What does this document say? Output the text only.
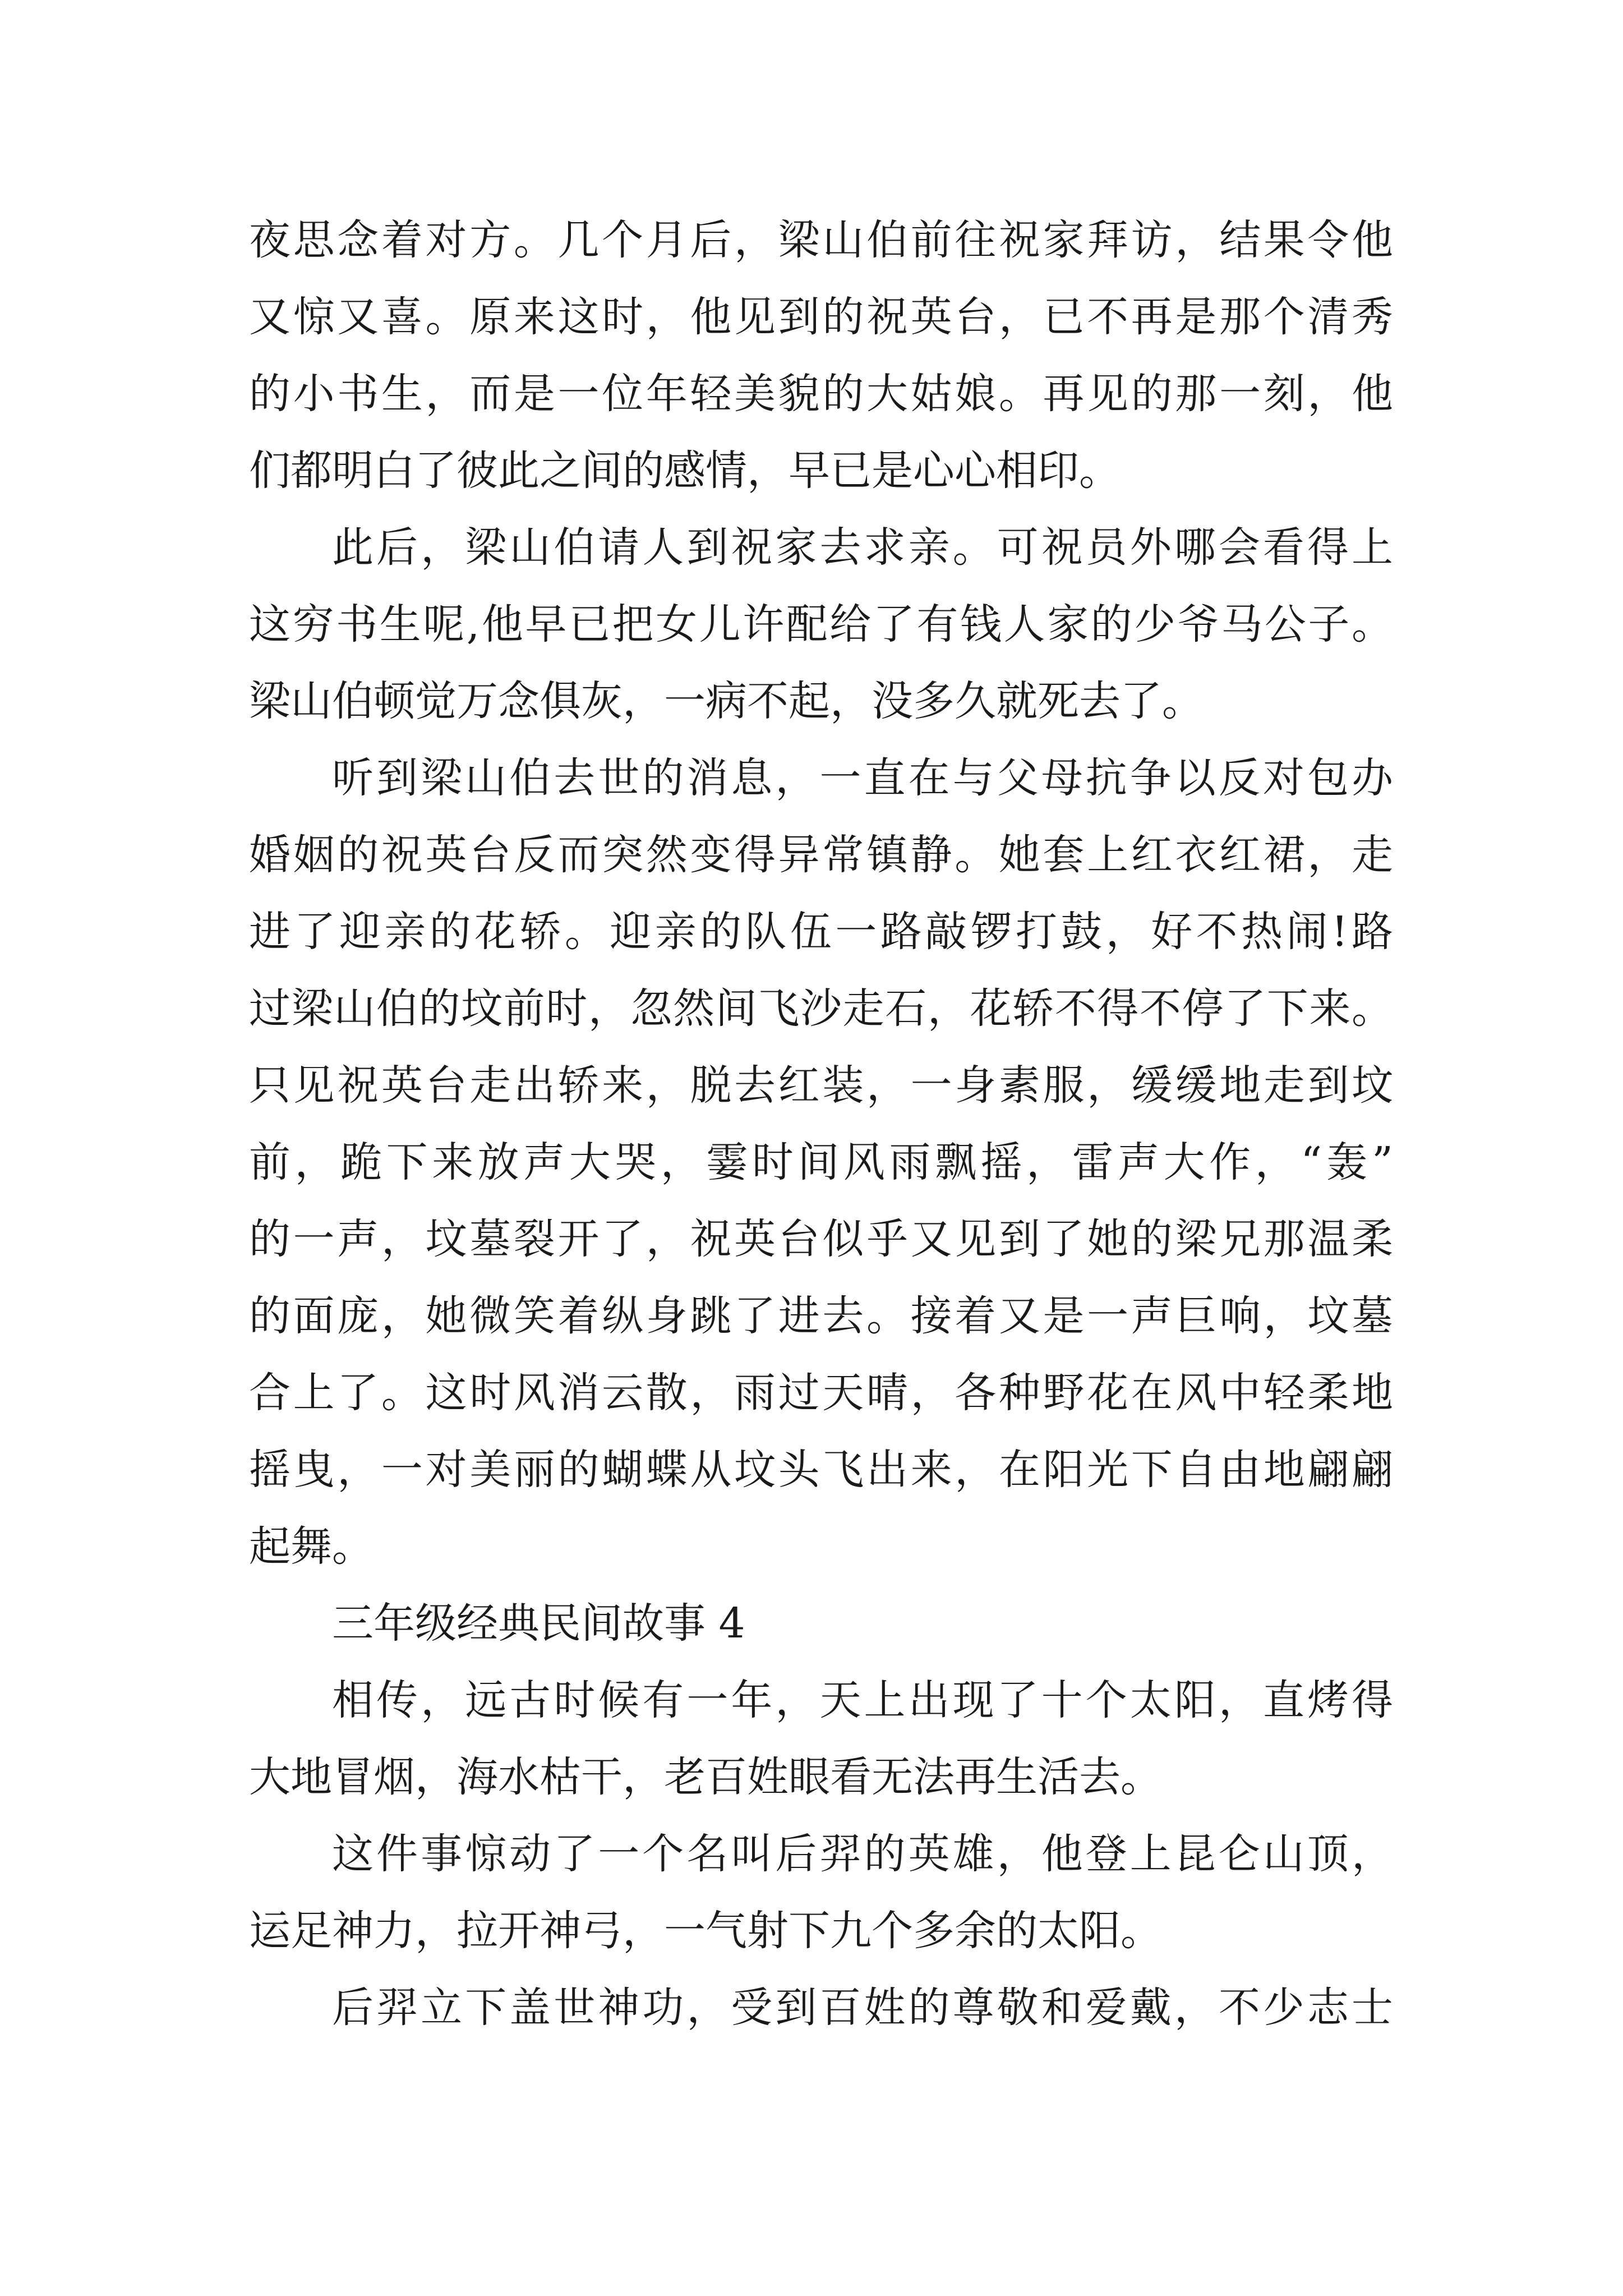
夜思念着对方。几个月后，梁山伯前往祝家拜访，结果令他
又惊又喜。原来这时，他见到的祝英台，已不再是那个清秀
的小书生，而是一位年轻美貌的大姑娘。再见的那一刻，他
们都明白了彼此之间的感情，早已是心心相印。
此后，梁山伯请人到祝家去求亲。可祝员外哪会看得上
这穷书生呢,他早已把女儿许配给了有钱人家的少爷马公子。
梁山伯顿觉万念俱灰，一病不起，没多久就死去了。
听到梁山伯去世的消息，一直在与父母抗争以反对包办
婚姻的祝英台反而突然变得异常镇静。她套上红衣红裙，走
进了迎亲的花轿。迎亲的队伍一路敲锣打鼓，好不热闹!路
过梁山伯的坟前时，忽然间飞沙走石，花轿不得不停了下来。
只见祝英台走出轿来，脱去红装，一身素服，缓缓地走到坟
前，跪下来放声大哭，霎时间风雨飘摇，雷声大作，“轰”
的一声，坟墓裂开了，祝英台似乎又见到了她的梁兄那温柔
的面庞，她微笑着纵身跳了进去。接着又是一声巨响，坟墓
合上了。这时风消云散，雨过天晴，各种野花在风中轻柔地
摇曳，一对美丽的蝴蝶从坟头飞出来，在阳光下自由地翩翩
起舞。
三年级经典民间故事 4
相传，远古时候有一年，天上出现了十个太阳，直烤得
大地冒烟，海水枯干，老百姓眼看无法再生活去。
这件事惊动了一个名叫后羿的英雄，他登上昆仑山顶，
运足神力，拉开神弓，一气射下九个多余的太阳。
后羿立下盖世神功，受到百姓的尊敬和爱戴，不少志士
